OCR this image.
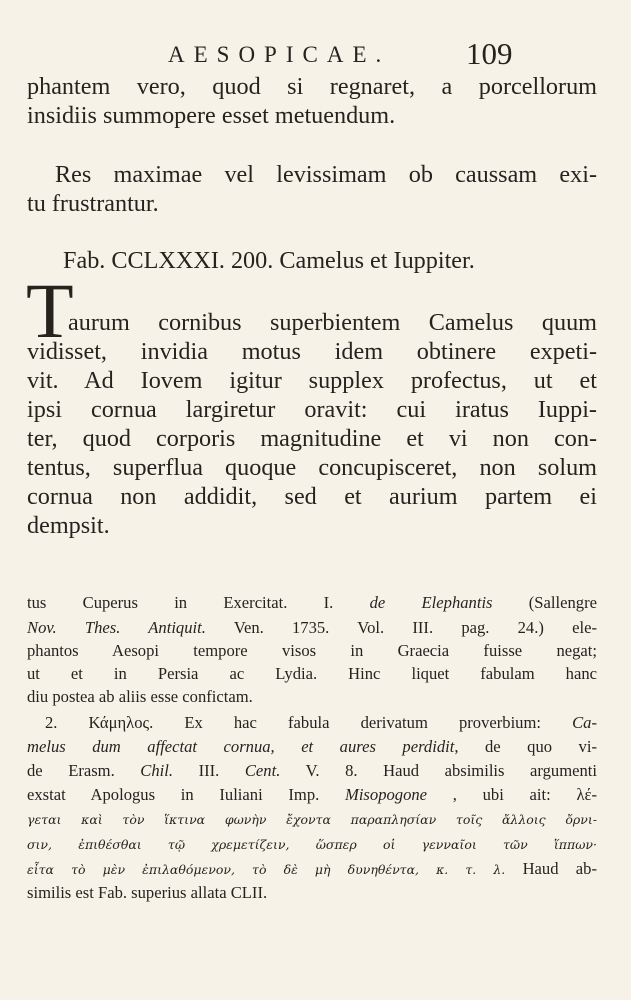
AESOPICAE. 109
phantem vero, quod si regnaret, a porcellorum
insidiis summopere esset metuendum.
Res maximae vel levissimam ob caussam exi-
tu frustrantur.
Fab. CCLXXXI. 200. Camelus et Iuppiter.
T
aurum cornibus superbientem Camelus quum
vidisset, invidia motus idem obtinere expeti-
vit. Ad Iovem igitur supplex profectus, ut et
ipsi cornua largiretur oravit: cui iratus Iuppi-
ter, quod corporis magnitudine et vi non con-
tentus, superflua quoque concupisceret, non solum
cornua non addidit, sed et aurium partem ei
dempsit.
tus Cuperus in Exercitat. I. de Elephantis (Sallengre
Nov. Thes. Antiquit. Ven. 1735. Vol. III. pag. 24.) ele-
phantos Aesopi tempore visos in Graecia fuisse negat;
ut et in Persia ac Lydia. Hinc liquet fabulam hanc
diu postea ab aliis esse confictam.
2. Κάμηλος. Ex hac fabula derivatum proverbium: Ca-
melus dum affectat cornua, et aures perdidit, de quo vi-
de Erasm. Chil. III. Cent. V. 8. Haud absimilis argumenti
exstat Apologus in Iuliani Imp. Misopogone , ubi ait: λέ-
γεται καὶ τὸν ἵκτινα φωνὴν ἔχοντα παραπλησίαν τοῖς ἄλλοις ὄρνι-
σιν, ἐπιθέσθαι τῷ χρεμετίζειν, ὥσπερ οἱ γενναῖοι τῶν ἵππων·
εἶτα τὸ μὲν ἐπιλαθόμενον, τὸ δὲ μὴ δυνηθέντα, κ. τ. λ. Haud ab-
similis est Fab. superius allata CLII.
